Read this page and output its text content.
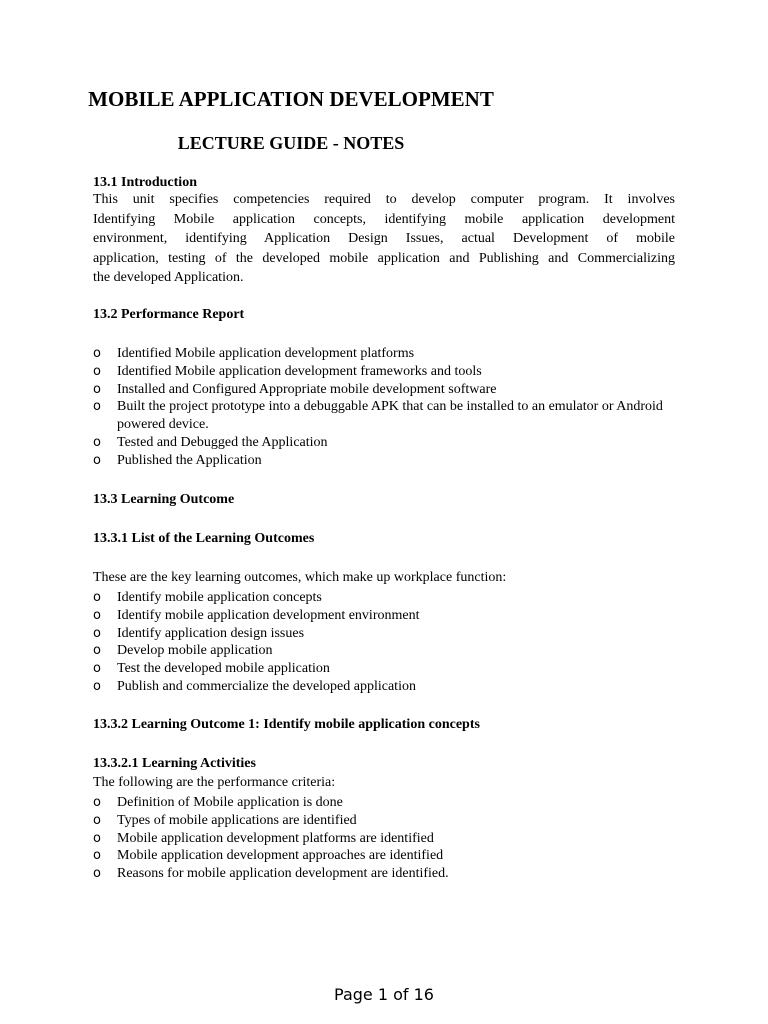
MOBILE APPLICATION DEVELOPMENT
LECTURE GUIDE - NOTES
13.1 Introduction
This unit specifies competencies required to develop computer program. It involves
Identifying Mobile application concepts, identifying mobile application development
environment, identifying Application Design Issues, actual Development of mobile
application, testing of the developed mobile application and Publishing and Commercializing
the developed Application.
13.2 Performance Report
o Identified Mobile application development platforms
o Identified Mobile application development frameworks and tools
o Installed and Configured Appropriate mobile development software
o Built the project prototype into a debuggable APK that can be installed to an emulator or Android powered device.
o Tested and Debugged the Application
o Published the Application
13.3 Learning Outcome
13.3.1 List of the Learning Outcomes
These are the key learning outcomes, which make up workplace function:
o Identify mobile application concepts
o Identify mobile application development environment
o Identify application design issues
o Develop mobile application
o Test the developed mobile application
o Publish and commercialize the developed application
13.3.2 Learning Outcome 1: Identify mobile application concepts
13.3.2.1 Learning Activities
The following are the performance criteria:
o Definition of Mobile application is done
o Types of mobile applications are identified
o Mobile application development platforms are identified
o Mobile application development approaches are identified
o Reasons for mobile application development are identified.
Page 1 of 16
